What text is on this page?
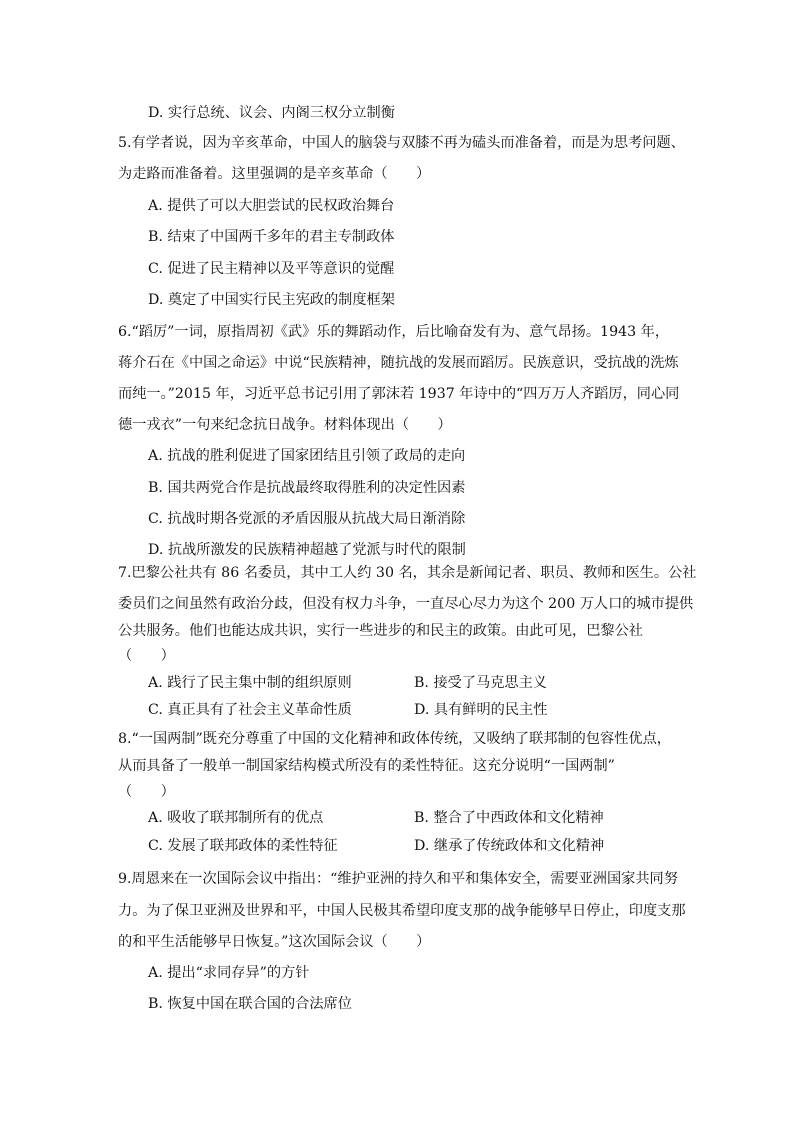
D. 实行总统、议会、内阁三权分立制衡
5.有学者说，因为辛亥革命，中国人的脑袋与双膝不再为磕头而准备着，而是为思考问题、
为走路而准备着。这里强调的是辛亥革命（　　）
A. 提供了可以大胆尝试的民权政治舞台
B. 结束了中国两千多年的君主专制政体
C. 促进了民主精神以及平等意识的觉醒
D. 奠定了中国实行民主宪政的制度框架
6.“蹈厉”一词，原指周初《武》乐的舞蹈动作，后比喻奋发有为、意气昂扬。1943 年，
蒋介石在《中国之命运》中说“民族精神，随抗战的发展而蹈厉。民族意识，受抗战的洗炼
而纯一。”2015 年，习近平总书记引用了郭沫若 1937 年诗中的“四万万人齐蹈厉，同心同
德一戎衣”一句来纪念抗日战争。材料体现出（　　）
A. 抗战的胜利促进了国家团结且引领了政局的走向
B. 国共两党合作是抗战最终取得胜利的决定性因素
C. 抗战时期各党派的矛盾因服从抗战大局日渐消除
D. 抗战所激发的民族精神超越了党派与时代的限制
7.巴黎公社共有 86 名委员，其中工人约 30 名，其余是新闻记者、职员、教师和医生。公社
委员们之间虽然有政治分歧，但没有权力斗争，一直尽心尽力为这个 200 万人口的城市提供
公共服务。他们也能达成共识，实行一些进步的和民主的政策。由此可见，巴黎公社
（　　）
A. 践行了民主集中制的组织原则	B. 接受了马克思主义
C. 真正具有了社会主义革命性质	D. 具有鲜明的民主性
8.“一国两制”既充分尊重了中国的文化精神和政体传统，又吸纳了联邦制的包容性优点，
从而具备了一般单一制国家结构模式所没有的柔性特征。这充分说明“一国两制”
（　　）
A. 吸收了联邦制所有的优点	B. 整合了中西政体和文化精神
C. 发展了联邦政体的柔性特征	D. 继承了传统政体和文化精神
9.周恩来在一次国际会议中指出：“维护亚洲的持久和平和集体安全，需要亚洲国家共同努
力。为了保卫亚洲及世界和平，中国人民极其希望印度支那的战争能够早日停止，印度支那
的和平生活能够早日恢复。”这次国际会议（　　）
A. 提出“求同存异”的方针
B. 恢复中国在联合国的合法席位
